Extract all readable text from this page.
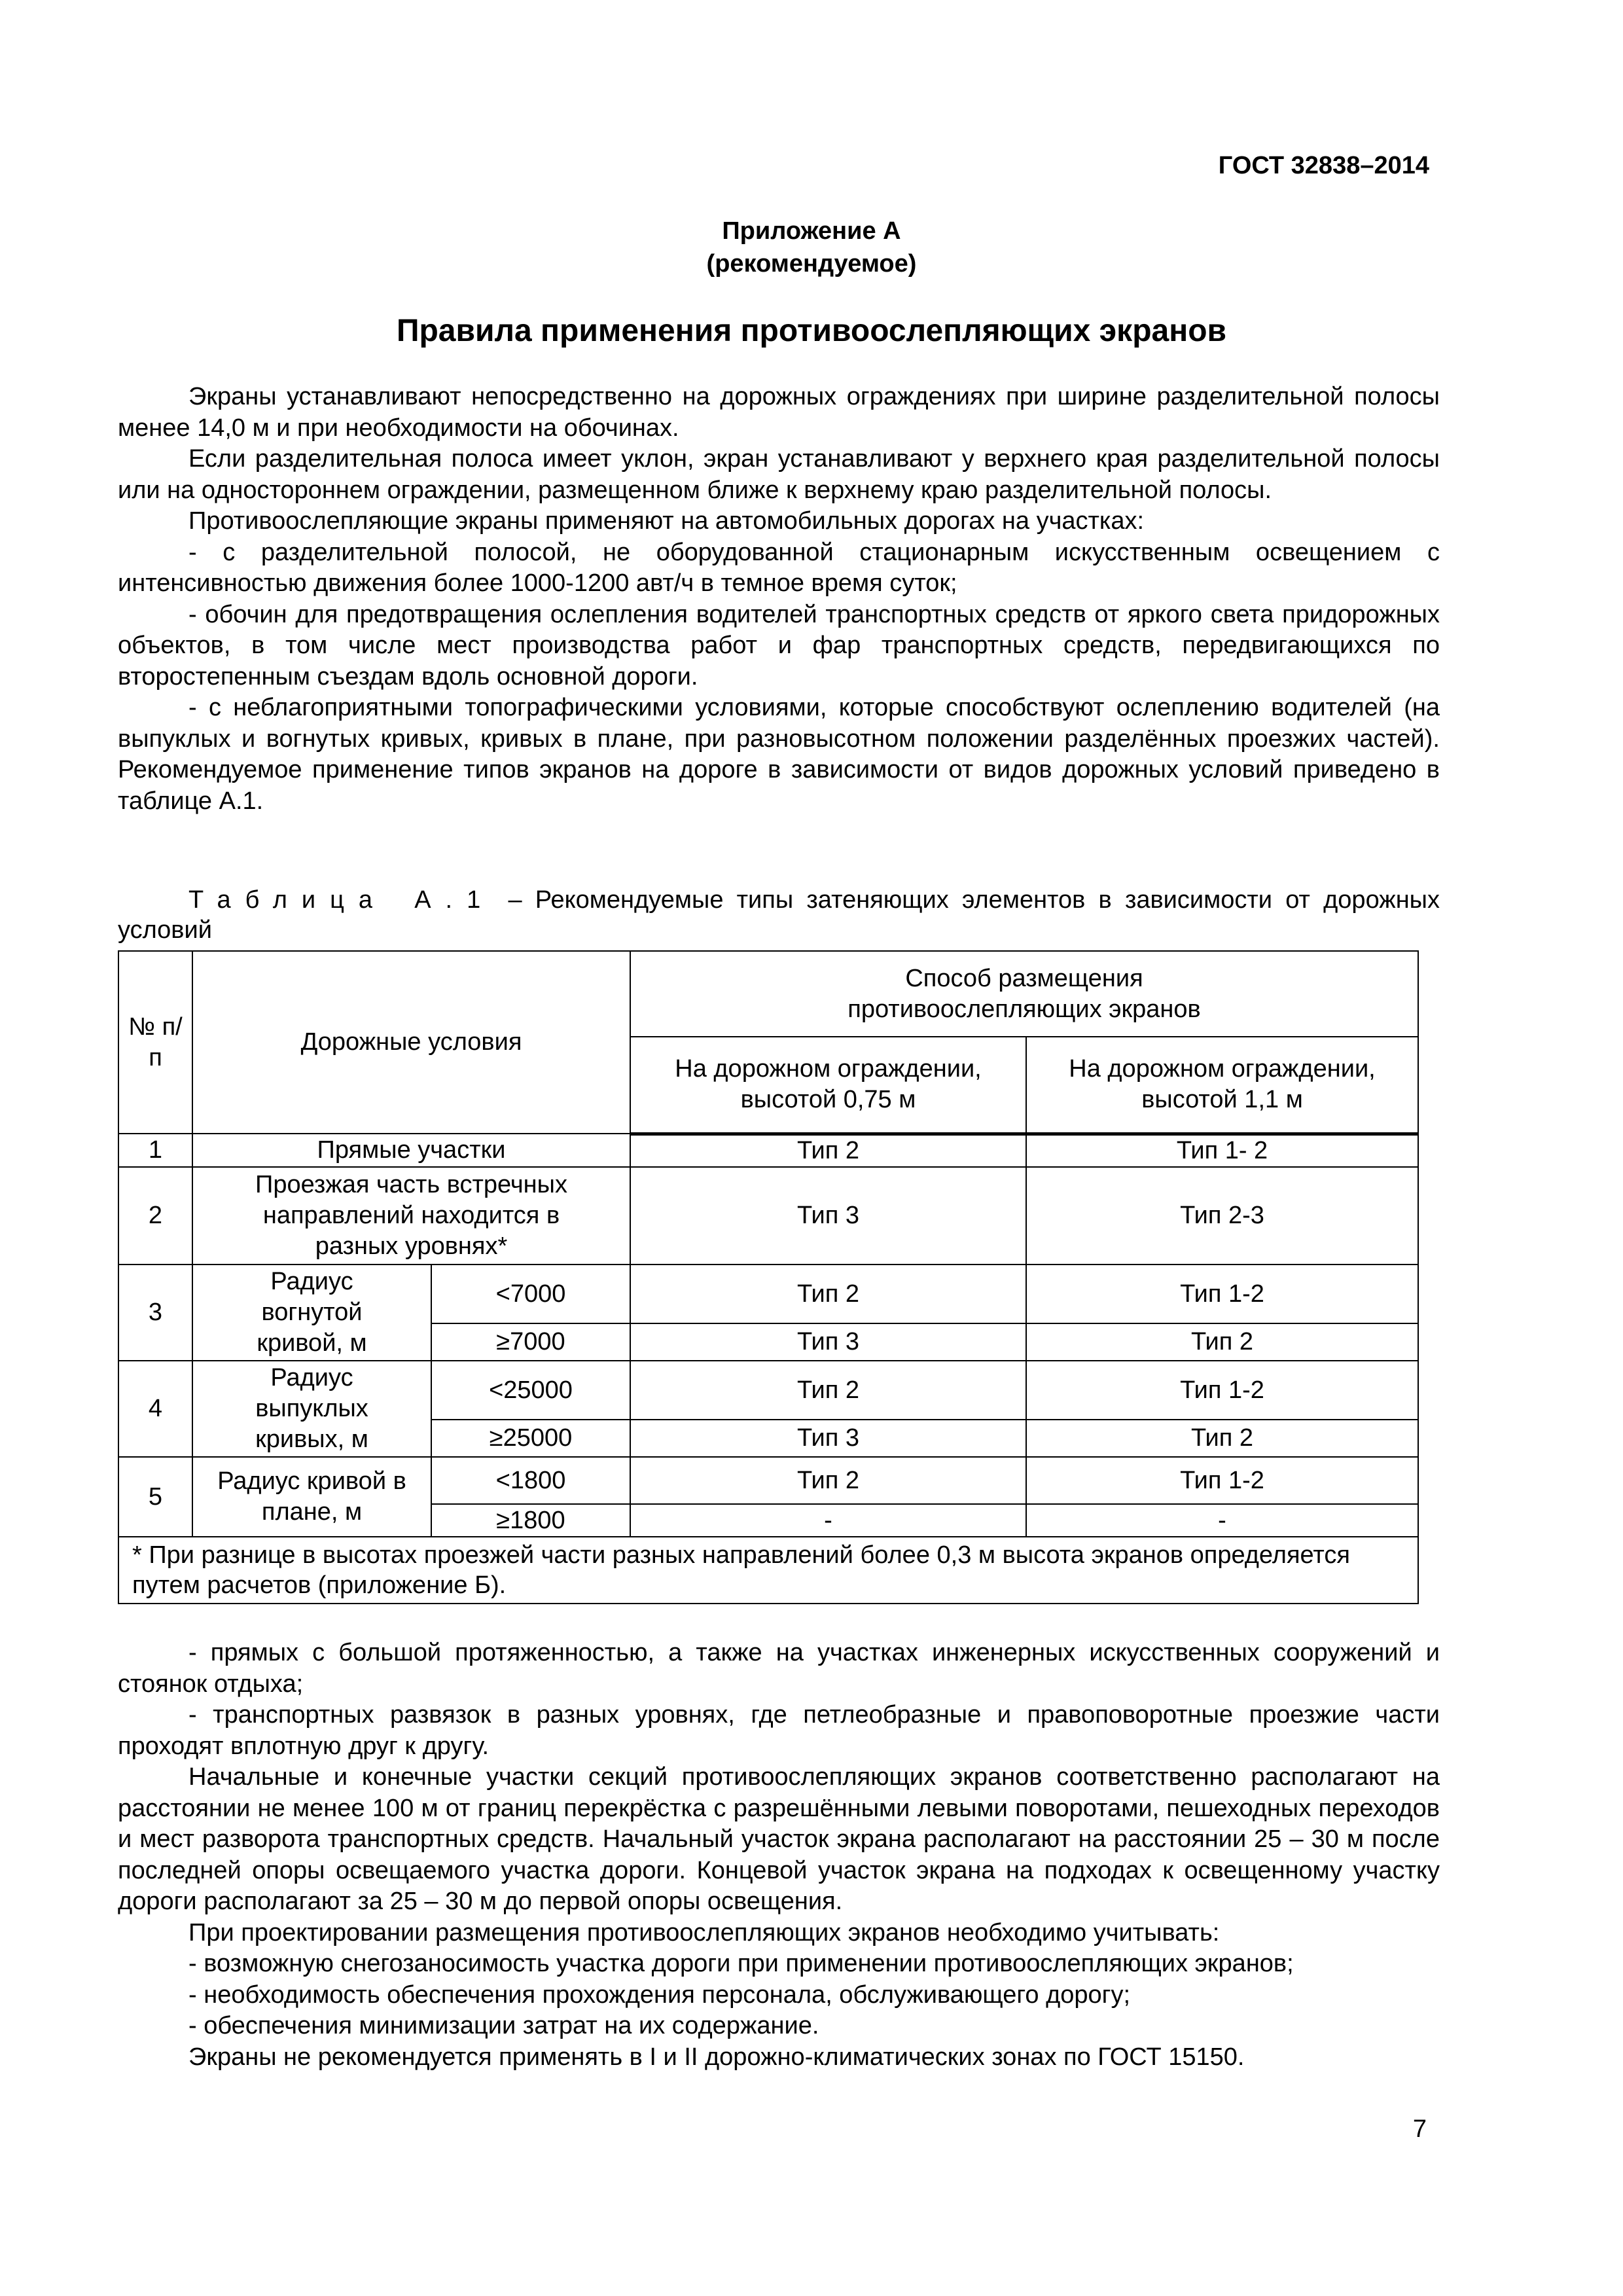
ГОСТ 32838–2014
Приложение А
(рекомендуемое)
Правила применения противоослепляющих экранов

Экраны устанавливают непосредственно на дорожных ограждениях при ширине разделительной полосы менее 14,0 м и при необходимости на обочинах.

Если разделительная полоса имеет уклон, экран устанавливают у верхнего края разделительной полосы или на одностороннем ограждении, размещенном ближе к верхнему краю разделительной полосы.

Противоослепляющие экраны применяют на автомобильных дорогах на участках:

- с разделительной полосой, не оборудованной стационарным искусственным освещением с интенсивностью движения более 1000-1200 авт/ч в темное время суток;

- обочин для предотвращения ослепления водителей транспортных средств от яркого света придорожных объектов, в том числе мест производства работ и фар транспортных средств, передвигающихся по второстепенным съездам вдоль основной дороги.

- с неблагоприятными топографическими условиями, которые способствуют ослеплению водителей (на выпуклых и вогнутых кривых, кривых в плане, при разновысотном положении разделённых проезжих частей). Рекомендуемое применение типов экранов на дороге в зависимости от видов дорожных условий приведено в таблице А.1.

Таблица А.1 – Рекомендуемые типы затеняющих элементов в зависимости от дорожных условий
№ п/п	Дорожные условия		Способ размещения противоослепляющих экранов	
			На дорожном ограждении, высотой 0,75 м	На дорожном ограждении, высотой 1,1 м
1	Прямые участки		Тип 2	Тип 1- 2
2	Проезжая часть встречных направлений находится в разных уровнях*		Тип 3	Тип 2-3
3	Радиус вогнутой кривой, м	<7000	Тип 2	Тип 1-2
		≥7000	Тип 3	Тип 2
4	Радиус выпуклых кривых, м	<25000	Тип 2	Тип 1-2
		≥25000	Тип 3	Тип 2
5	Радиус кривой в плане, м	<1800	Тип 2	Тип 1-2
		≥1800	-	-
* При разнице в высотах проезжей части разных направлений более 0,3 м высота экранов определяется путем расчетов (приложение Б).				

- прямых с большой протяженностью, а также на участках инженерных искусственных сооружений и стоянок отдыха;

- транспортных развязок в разных уровнях, где петлеобразные и правоповоротные проезжие части проходят вплотную друг к другу.

Начальные и конечные участки секций противоослепляющих экранов соответственно располагают на расстоянии не менее 100 м от границ перекрёстка с разрешёнными левыми поворотами, пешеходных переходов и мест разворота транспортных средств. Начальный участок экрана располагают на расстоянии 25 – 30 м после последней опоры освещаемого участка дороги. Концевой участок экрана на подходах к освещенному участку дороги располагают за 25 – 30 м до первой опоры освещения.

При проектировании размещения противоослепляющих экранов необходимо учитывать:

- возможную снегозаносимость участка дороги при применении противоослепляющих экранов;

- необходимость обеспечения прохождения персонала, обслуживающего дорогу;

- обеспечения минимизации затрат на их содержание.

Экраны не рекомендуется применять в I и II дорожно-климатических зонах по ГОСТ 15150.

7
